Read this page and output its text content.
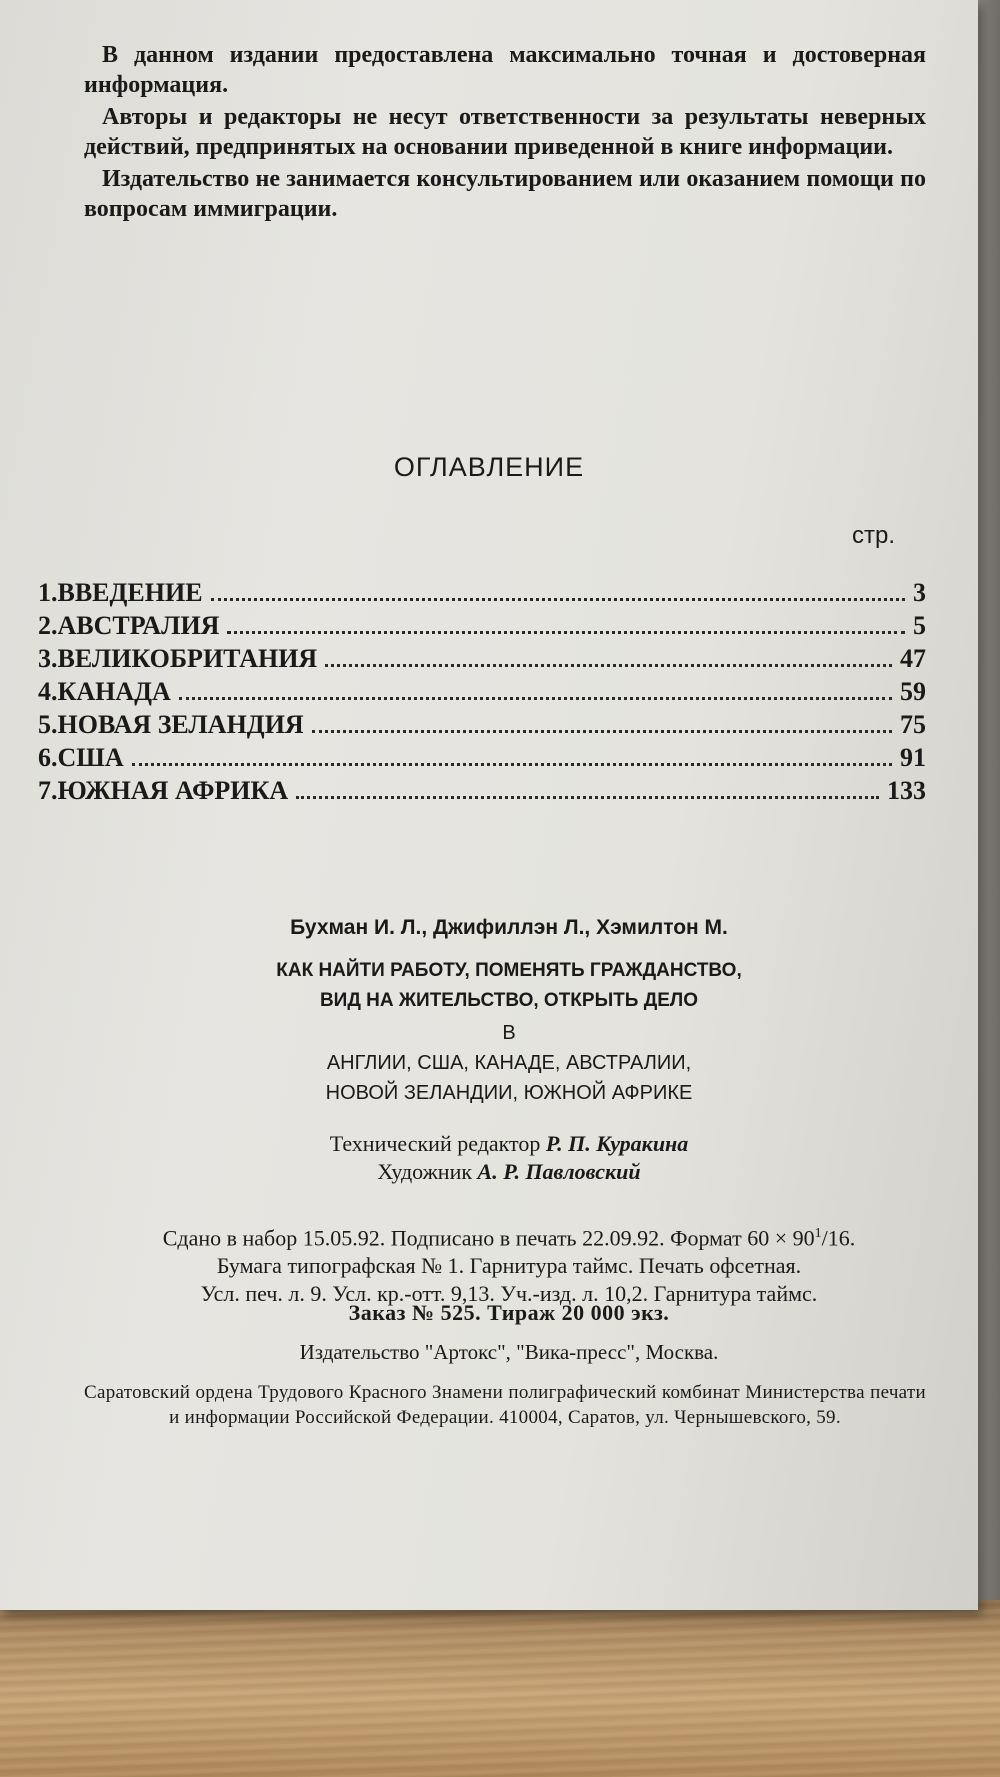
В данном издании предоставлена максимально точная и достоверная информация.

Авторы и редакторы не несут ответственности за результаты неверных действий, предпринятых на основании приведенной в книге информации.

Издательство не занимается консультированием или оказанием помощи по вопросам иммиграции.

ОГЛАВЛЕНИЕ
стр.
1.ВВЕДЕНИЕ	3
2.АВСТРАЛИЯ	5
3.ВЕЛИКОБРИТАНИЯ	47
4.КАНАДА	59
5.НОВАЯ ЗЕЛАНДИЯ	75
6.США	91
7.ЮЖНАЯ АФРИКА	133
Бухман И. Л., Джифиллэн Л., Хэмилтон М.
КАК НАЙТИ РАБОТУ, ПОМЕНЯТЬ ГРАЖДАНСТВО,
ВИД НА ЖИТЕЛЬСТВО, ОТКРЫТЬ ДЕЛО
В
АНГЛИИ, США, КАНАДЕ, АВСТРАЛИИ,
НОВОЙ ЗЕЛАНДИИ, ЮЖНОЙ АФРИКЕ
Технический редактор Р. П. Куракина
Художник А. Р. Павловский
Сдано в набор 15.05.92. Подписано в печать 22.09.92. Формат $60 \times 90^1/16$.
Бумага типографская № 1. Гарнитура таймс. Печать офсетная.
Усл. печ. л. 9. Усл. кр.-отт. 9,13. Уч.-изд. л. 10,2. Гарнитура таймс.
Заказ № 525. Тираж 20 000 экз.
Издательство "Артокс", "Вика-пресс", Москва.
Саратовский ордена Трудового Красного Знамени полиграфический комбинат Министерства печати и информации Российской Федерации. 410004, Саратов, ул. Чернышевского, 59.
